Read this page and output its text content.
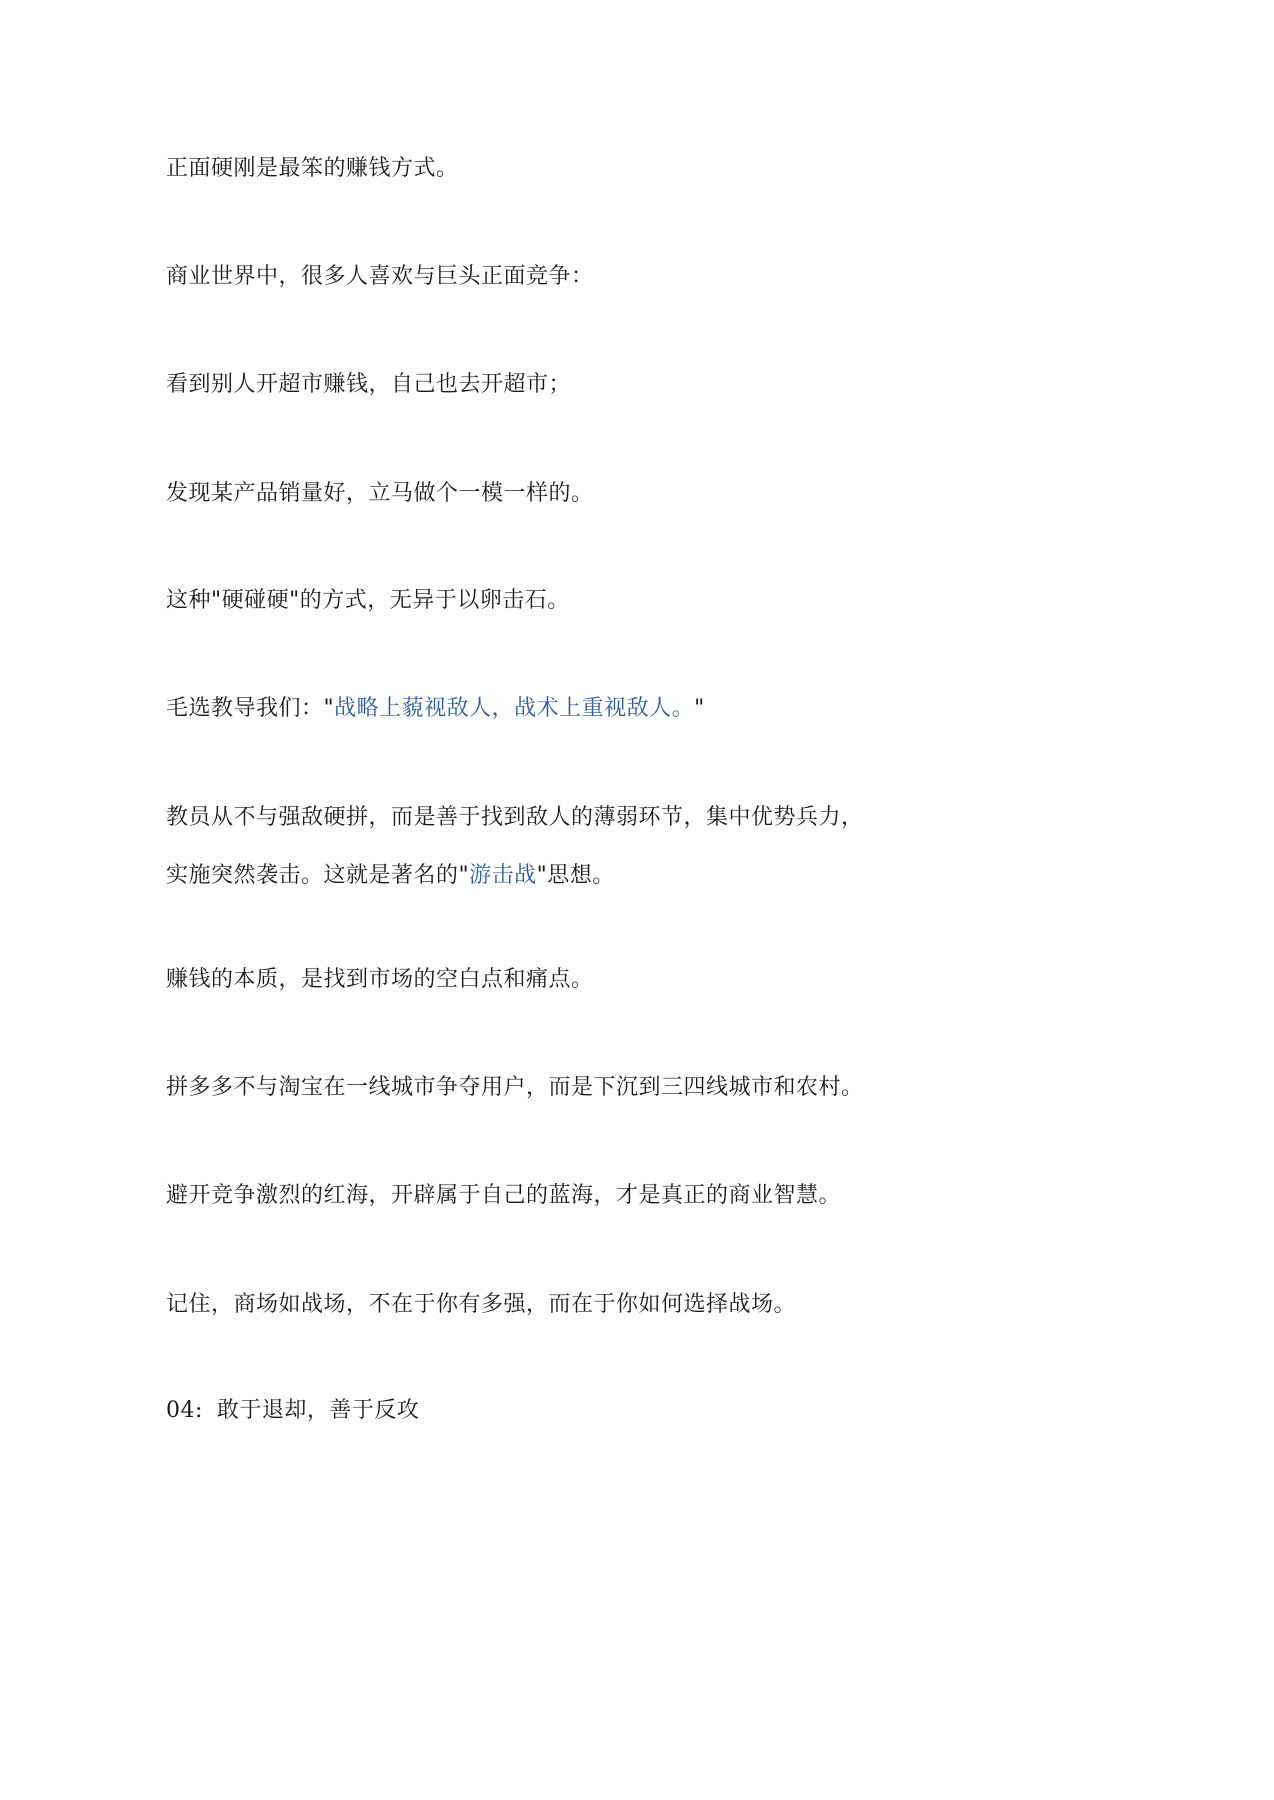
正面硬刚是最笨的赚钱方式。
商业世界中，很多人喜欢与巨头正面竞争：
看到别人开超市赚钱，自己也去开超市；
发现某产品销量好，立马做个一模一样的。
这种"硬碰硬"的方式，无异于以卵击石。
毛选教导我们："战略上藐视敌人，战术上重视敌人。"
教员从不与强敌硬拼，而是善于找到敌人的薄弱环节，集中优势兵力，
实施突然袭击。这就是著名的"游击战"思想。
赚钱的本质，是找到市场的空白点和痛点。
拼多多不与淘宝在一线城市争夺用户，而是下沉到三四线城市和农村。
避开竞争激烈的红海，开辟属于自己的蓝海，才是真正的商业智慧。
记住，商场如战场，不在于你有多强，而在于你如何选择战场。
04: 敢于退却，善于反攻
